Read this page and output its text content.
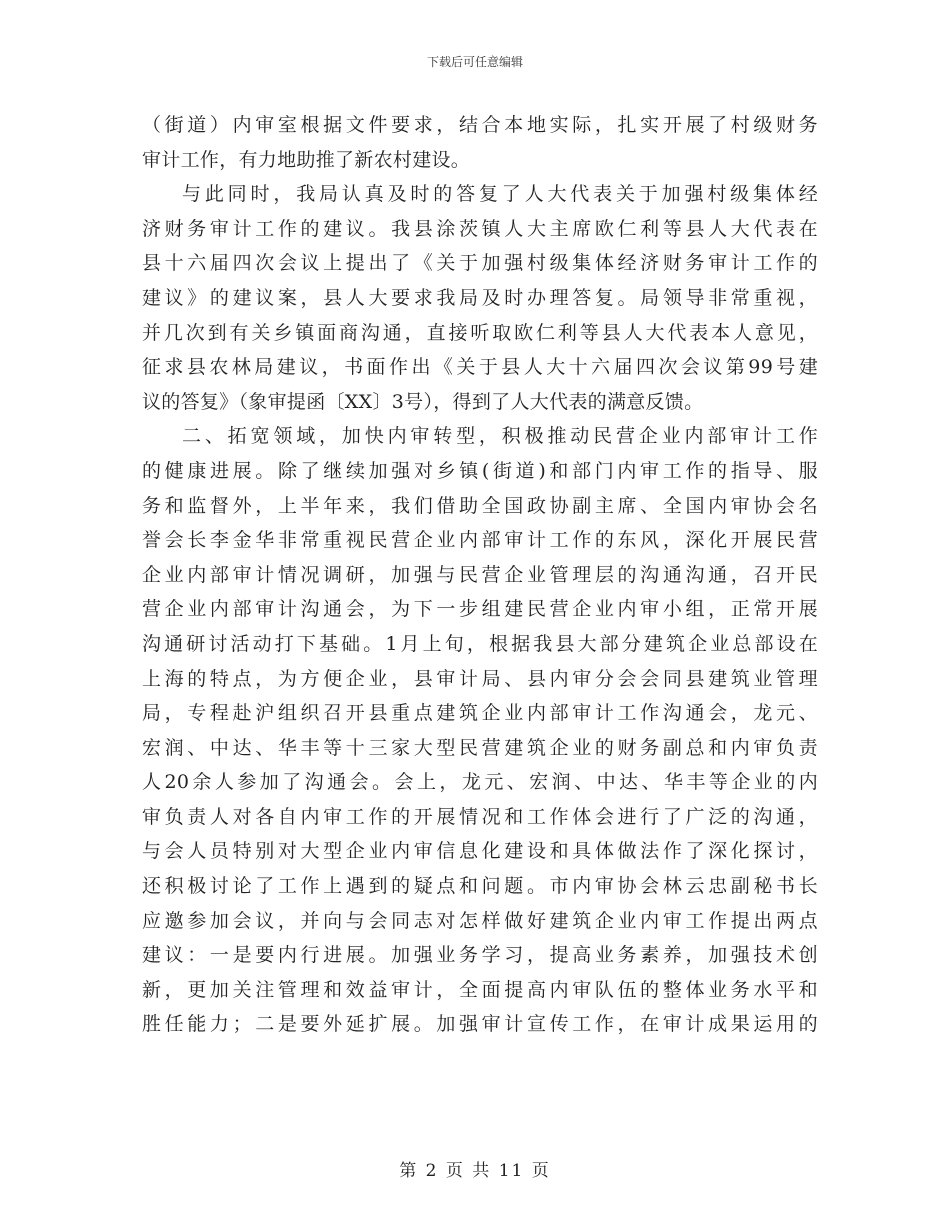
下载后可任意编辑
（街道）内审室根据文件要求，结合本地实际，扎实开展了村级财务
审计工作，有力地助推了新农村建设。
与此同时，我局认真及时的答复了人大代表关于加强村级集体经
济财务审计工作的建议。我县涂茨镇人大主席欧仁利等县人大代表在
县十六届四次会议上提出了《关于加强村级集体经济财务审计工作的
建议》的建议案，县人大要求我局及时办理答复。局领导非常重视，
并几次到有关乡镇面商沟通，直接听取欧仁利等县人大代表本人意见，
征求县农林局建议，书面作出《关于县人大十六届四次会议第99号建
议的答复》（象审提函〔XX〕3号），得到了人大代表的满意反馈。
二、拓宽领域，加快内审转型，积极推动民营企业内部审计工作
的健康进展。除了继续加强对乡镇(街道)和部门内审工作的指导、服
务和监督外，上半年来，我们借助全国政协副主席、全国内审协会名
誉会长李金华非常重视民营企业内部审计工作的东风，深化开展民营
企业内部审计情况调研，加强与民营企业管理层的沟通沟通，召开民
营企业内部审计沟通会，为下一步组建民营企业内审小组，正常开展
沟通研讨活动打下基础。1月上旬，根据我县大部分建筑企业总部设在
上海的特点，为方便企业，县审计局、县内审分会会同县建筑业管理
局，专程赴沪组织召开县重点建筑企业内部审计工作沟通会，龙元、
宏润、中达、华丰等十三家大型民营建筑企业的财务副总和内审负责
人20余人参加了沟通会。会上，龙元、宏润、中达、华丰等企业的内
审负责人对各自内审工作的开展情况和工作体会进行了广泛的沟通，
与会人员特别对大型企业内审信息化建设和具体做法作了深化探讨，
还积极讨论了工作上遇到的疑点和问题。市内审协会林云忠副秘书长
应邀参加会议，并向与会同志对怎样做好建筑企业内审工作提出两点
建议：一是要内行进展。加强业务学习，提高业务素养，加强技术创
新，更加关注管理和效益审计，全面提高内审队伍的整体业务水平和
胜任能力；二是要外延扩展。加强审计宣传工作，在审计成果运用的
第 2 页 共 11 页
